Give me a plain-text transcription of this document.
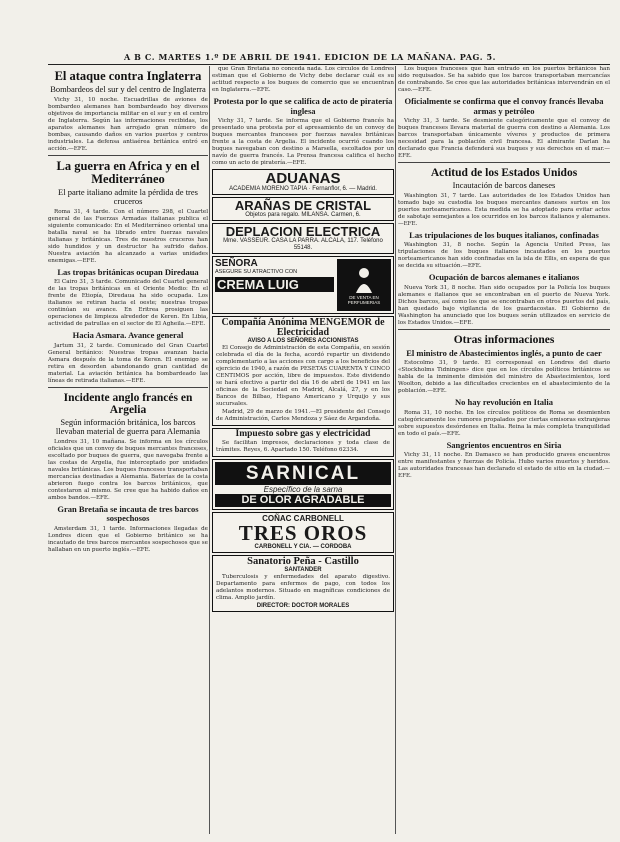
A B C. MARTES 1.º DE ABRIL DE 1941. EDICION DE LA MAÑANA. PAG. 5.
El ataque contra Inglaterra
Bombardeos del sur y del centro de Inglaterra

Vichy 31, 10 noche. Escuadrillas de aviones de bombardeo alemanes han bombardeado hoy diversos objetivos de importancia militar en el sur y en el centro de Inglaterra. Según las informaciones recibidas, los aparatos alemanes han arrojado gran número de bombas, causando daños en varios puertos y centros industriales. La defensa antiaérea británica entró en acción.—EFE.

La guerra en Africa y en el Mediterráneo
El parte italiano admite la pérdida de tres cruceros

Roma 31, 4 tarde. Con el número 298, el Cuartel general de las Fuerzas Armadas italianas publica el siguiente comunicado: En el Mediterráneo oriental una batalla naval se ha librado entre fuerzas navales italianas y británicas. Tres de nuestros cruceros han sido hundidos y un destructor ha sufrido daños. Nuestra aviación ha alcanzado a varias unidades enemigas.—EFE.

Las tropas británicas ocupan Diredaua

El Cairo 31, 3 tarde. Comunicado del Cuartel general de las tropas británicas en el Oriente Medio: En el frente de Etiopía, Diredaua ha sido ocupada. Los italianos se retiran hacia el oeste; nuestras tropas continúan su avance. En Eritrea prosiguen las operaciones de limpieza alrededor de Keren. En Libia, actividad de patrullas en el sector de El Agheila.—EFE.

Hacia Asmara. Avance general

Jartum 31, 2 tarde. Comunicado del Gran Cuartel General británico: Nuestras tropas avanzan hacia Asmara después de la toma de Keren. El enemigo se retira en desorden abandonando gran cantidad de material. La aviación británica ha bombardeado las líneas de retirada italianas.—EFE.

Incidente anglo francés en Argelia
Según información británica, los barcos llevaban material de guerra para Alemania

Londres 31, 10 mañana. Se informa en los círculos oficiales que un convoy de buques mercantes franceses, escoltado por buques de guerra, que navegaba frente a las costas de Argelia, fue interceptado por unidades navales británicas. Los buques franceses transportaban mercancías destinadas a Alemania. Baterías de la costa abrieron fuego contra los barcos británicos, que contestaron al mismo. Se cree que ha habido daños en ambos bandos.—EFE.

Gran Bretaña se incauta de tres barcos sospechosos

Amsterdam 31, 1 tarde. Informaciones llegadas de Londres dicen que el Gobierno británico se ha incautado de tres barcos mercantes sospechosos que se hallaban en un puerto inglés.—EFE.

que Gran Bretaña no conceda nada. Los círculos de Londres estiman que el Gobierno de Vichy debe declarar cuál es su actitud respecto a los buques de comercio que se encuentran en Inglaterra.—EFE.

Protesta por lo que se califica de acto de piratería inglesa

Vichy 31, 7 tarde. Se informa que el Gobierno francés ha presentado una protesta por el apresamiento de un convoy de buques mercantes franceses por fuerzas navales británicas frente a la costa de Argelia. El incidente ocurrió cuando los buques navegaban con destino a Marsella, escoltados por un navío de guerra francés. La Prensa francesa califica el hecho como un acto de piratería.—EFE.

ADUANAS
ACADEMIA MORENO TAPIA · Fernanflor, 6. — Madrid.
ARAÑAS DE CRISTAL
Objetos para regalo. MILANSA. Carmen, 6.
DEPLACION ELECTRICA
Mme. VASSEUR. CASA LA PARRA. ALCALA, 117. Teléfono 55148.
SEÑORA
ASEGURE SU ATRACTIVO CON
CREMA LUIG
DE VENTA EN PERFUMERIAS
Compañía Anónima MENGEMOR de Electricidad
AVISO A LOS SEÑORES ACCIONISTAS

El Consejo de Administración de esta Compañía, en sesión celebrada el día de la fecha, acordó repartir un dividendo complementario a las acciones con cargo a los beneficios del ejercicio de 1940, a razón de PESETAS CUARENTA Y CINCO CENTIMOS por acción, libre de impuestos. Este dividendo se hará efectivo a partir del día 16 de abril de 1941 en las oficinas de la Sociedad en Madrid, Alcalá, 27, y en los Bancos de Bilbao, Hispano Americano y Urquijo y sus sucursales.

Madrid, 29 de marzo de 1941.—El presidente del Consejo de Administración, Carlos Mendoza y Sáez de Argandoña.

Impuesto sobre gas y electricidad

Se facilitan impresos, declaraciones y toda clase de trámites. Reyes, 6. Apartado 150. Teléfono 62334.

SARNICAL
Específico de la sarna
DE OLOR AGRADABLE
COÑAC CARBONELL
TRES OROS
CARBONELL Y CIA. — CORDOBA
Sanatorio Peña - Castillo
SANTANDER

Tuberculosis y enfermedades del aparato digestivo. Departamento para enfermos de pago, con todos los adelantos modernos. Situado en magníficas condiciones de clima. Amplio jardín.

DIRECTOR: DOCTOR MORALES

Los buques franceses que han entrado en los puertos británicos han sido requisados. Se ha sabido que los barcos transportaban mercancías de contrabando. Se cree que las autoridades británicas intervendrán en el caso.—EFE.

Oficialmente se confirma que el convoy francés llevaba armas y petróleo

Vichy 31, 3 tarde. Se desmiente categóricamente que el convoy de buques franceses llevara material de guerra con destino a Alemania. Los barcos transportaban únicamente víveres y productos de primera necesidad para la población civil francesa. El almirante Darlan ha declarado que Francia defenderá sus buques y sus derechos en el mar.—EFE.

Actitud de los Estados Unidos
Incautación de barcos daneses

Washington 31, 7 tarde. Las autoridades de los Estados Unidos han tomado bajo su custodia los buques mercantes daneses surtos en los puertos norteamericanos. Esta medida se ha adoptado para evitar actos de sabotaje semejantes a los ocurridos en los barcos italianos y alemanes.—EFE.

Las tripulaciones de los buques italianos, confinadas

Washington 31, 8 noche. Según la Agencia United Press, las tripulaciones de los buques italianos incautados en los puertos norteamericanos han sido confinadas en la isla de Ellis, en espera de que se decida su situación.—EFE.

Ocupación de barcos alemanes e italianos

Nueva York 31, 8 noche. Han sido ocupados por la Policía los buques alemanes e italianos que se encontraban en el puerto de Nueva York. Dichos barcos, así como los que se encontraban en otros puertos del país, han quedado bajo vigilancia de los guardacostas. El Gobierno de Washington ha anunciado que los buques serán utilizados en servicio de los Estados Unidos.—EFE.

Otras informaciones
El ministro de Abastecimientos inglés, a punto de caer

Estocolmo 31, 9 tarde. El corresponsal en Londres del diario «Stockholms Tidningen» dice que en los círculos políticos británicos se habla de la inminente dimisión del ministro de Abastecimientos, lord Woolton, debido a las dificultades crecientes en el abastecimiento de la población.—EFE.

No hay revolución en Italia

Roma 31, 10 noche. En los círculos políticos de Roma se desmienten categóricamente los rumores propalados por ciertas emisoras extranjeras sobre supuestos desórdenes en Italia. Reina la más completa tranquilidad en todo el país.—EFE.

Sangrientos encuentros en Siria

Vichy 31, 11 noche. En Damasco se han producido graves encuentros entre manifestantes y fuerzas de Policía. Hubo varios muertos y heridos. Las autoridades francesas han declarado el estado de sitio en la ciudad.—EFE.
